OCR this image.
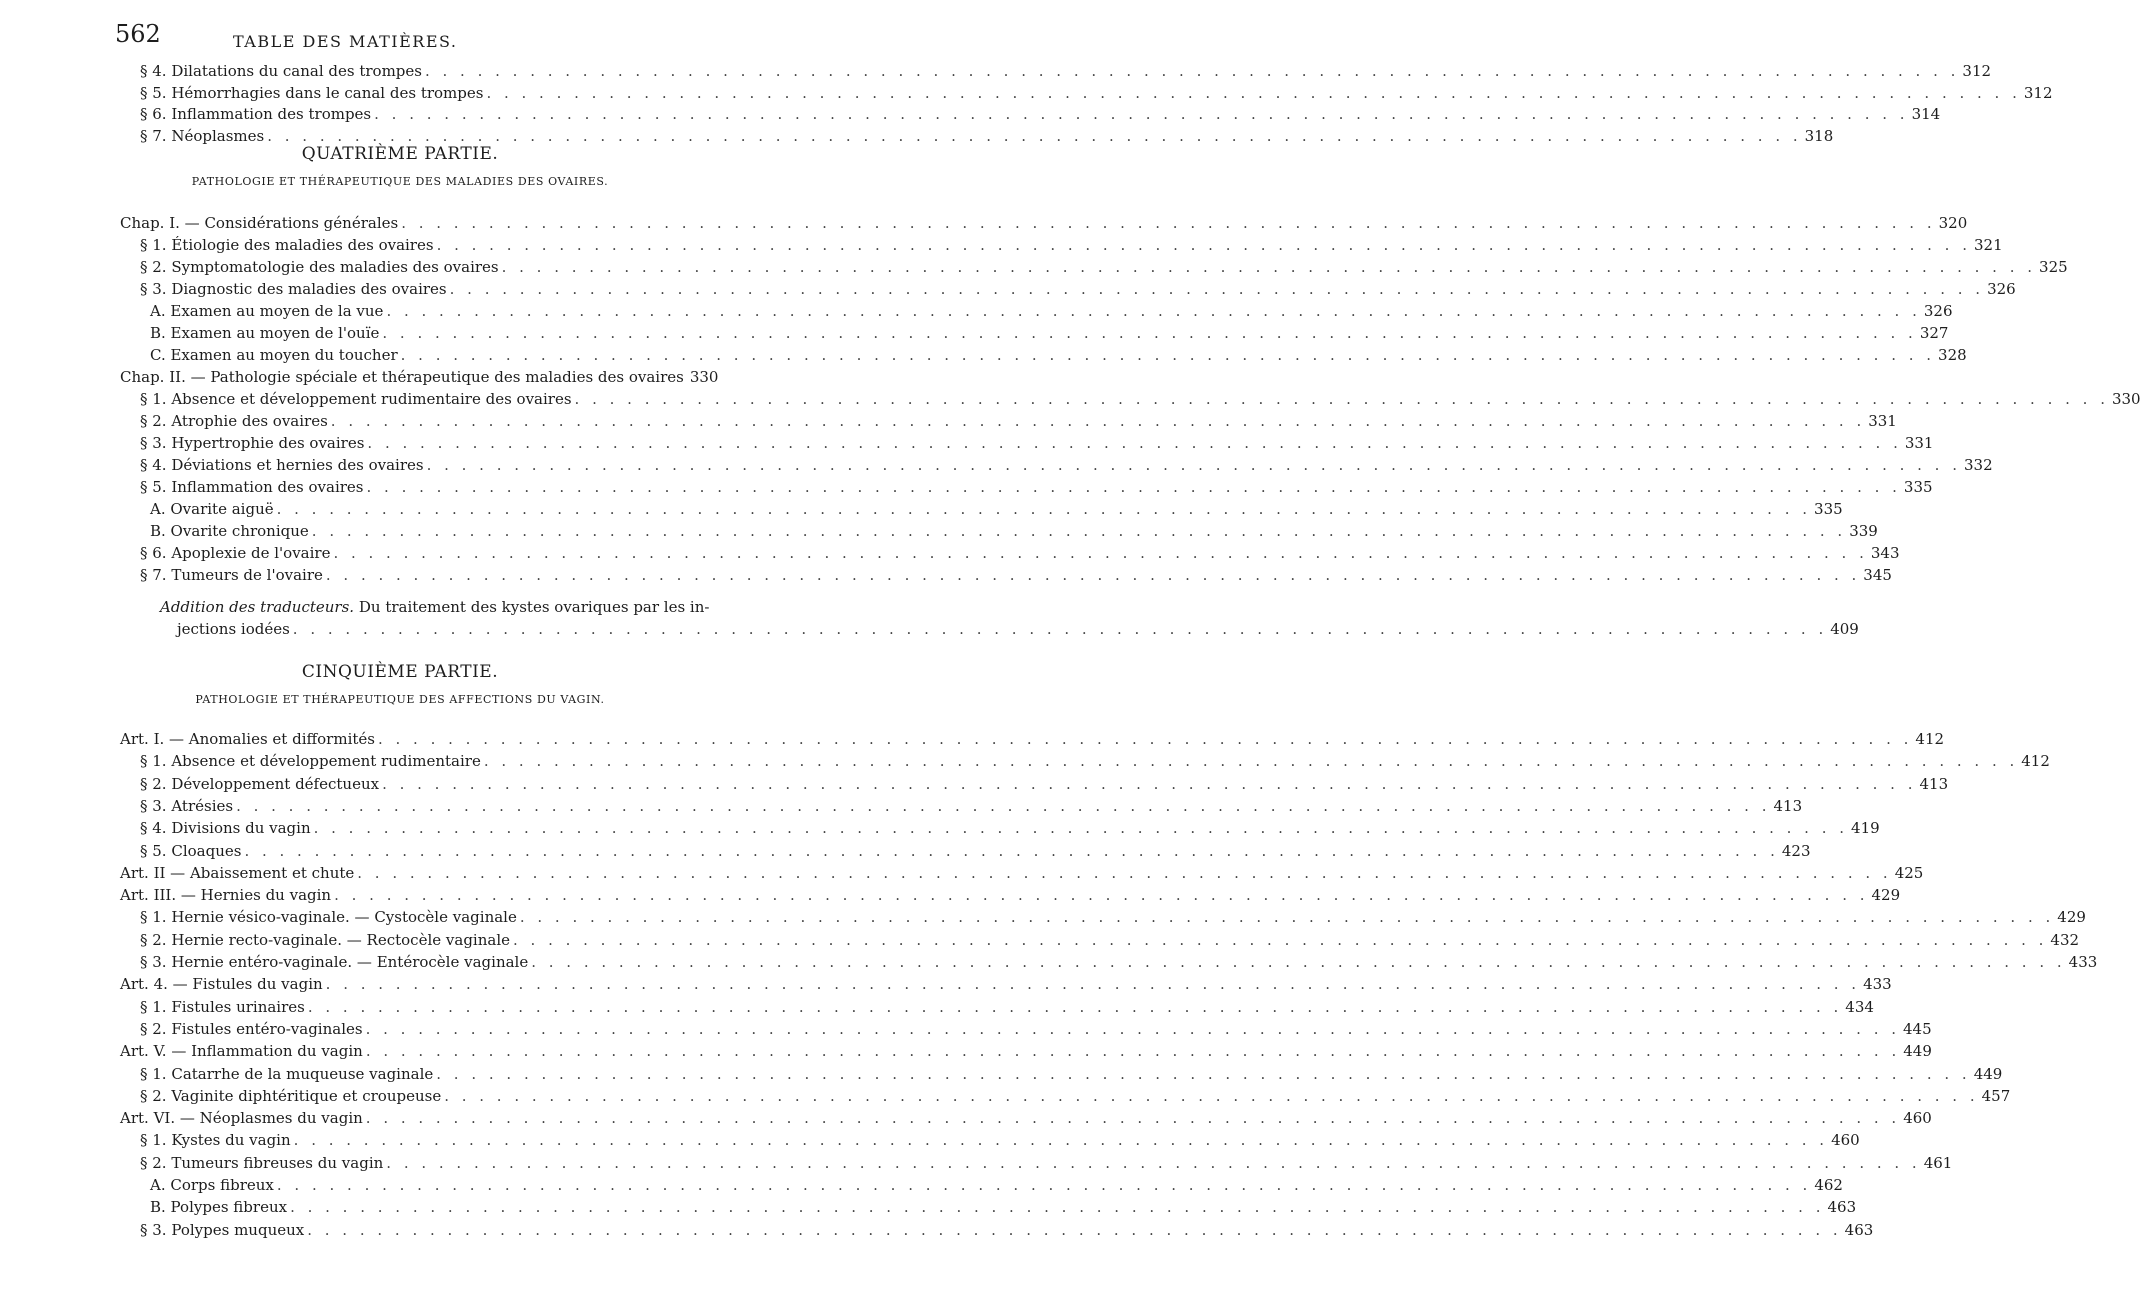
562	TABLE DES MATIÈRES.
§ 4. Dilatations du canal des trompes . . .	312
§ 5. Hémorrhagies dans le canal des trompes . . .	312
§ 6. Inflammation des trompes . . .	314
§ 7. Néoplasmes . . .	318
QUATRIÈME PARTIE.
PATHOLOGIE ET THÉRAPEUTIQUE DES MALADIES DES OVAIRES.
Chap. I. — Considérations générales . . .	320
§ 1. Étiologie des maladies des ovaires . . .	321
§ 2. Symptomatologie des maladies des ovaires . . .	325
§ 3. Diagnostic des maladies des ovaires . . .	326
A. Examen au moyen de la vue . . .	326
B. Examen au moyen de l'ouïe . . .	327
C. Examen au moyen du toucher . . .	328
Chap. II. — Pathologie spéciale et thérapeutique des maladies des ovaires 330
§ 1. Absence et développement rudimentaire des ovaires . . .	330
§ 2. Atrophie des ovaires . . .	331
§ 3. Hypertrophie des ovaires . . .	331
§ 4. Déviations et hernies des ovaires . . .	332
§ 5. Inflammation des ovaires . . .	335
A. Ovarite aiguë . . .	335
B. Ovarite chronique . . .	339
§ 6. Apoplexie de l'ovaire . . .	343
§ 7. Tumeurs de l'ovaire . . .	345
Addition des traducteurs. Du traitement des kystes ovariques par les in-
jections iodées . . .	409
CINQUIÈME PARTIE.
PATHOLOGIE ET THÉRAPEUTIQUE DES AFFECTIONS DU VAGIN.
Art. I. — Anomalies et difformités . . .	412
§ 1. Absence et développement rudimentaire . . .	412
§ 2. Développement défectueux . . .	413
§ 3. Atrésies . . .	413
§ 4. Divisions du vagin . . .	419
§ 5. Cloaques . . .	423
Art. II — Abaissement et chute . . .	425
Art. III. — Hernies du vagin . . .	429
§ 1. Hernie vésico-vaginale. — Cystocèle vaginale . . .	429
§ 2. Hernie recto-vaginale. — Rectocèle vaginale . . .	432
§ 3. Hernie entéro-vaginale. — Entérocèle vaginale . . .	433
Art. 4. — Fistules du vagin . . .	433
§ 1. Fistules urinaires . . .	434
§ 2. Fistules entéro-vaginales . . .	445
Art. V. — Inflammation du vagin . . .	449
§ 1. Catarrhe de la muqueuse vaginale . . .	449
§ 2. Vaginite diphtéritique et croupeuse . . .	457
Art. VI. — Néoplasmes du vagin . . .	460
§ 1. Kystes du vagin . . .	460
§ 2. Tumeurs fibreuses du vagin . . .	461
A. Corps fibreux . . .	462
B. Polypes fibreux . . .	463
§ 3. Polypes muqueux . . .	463
